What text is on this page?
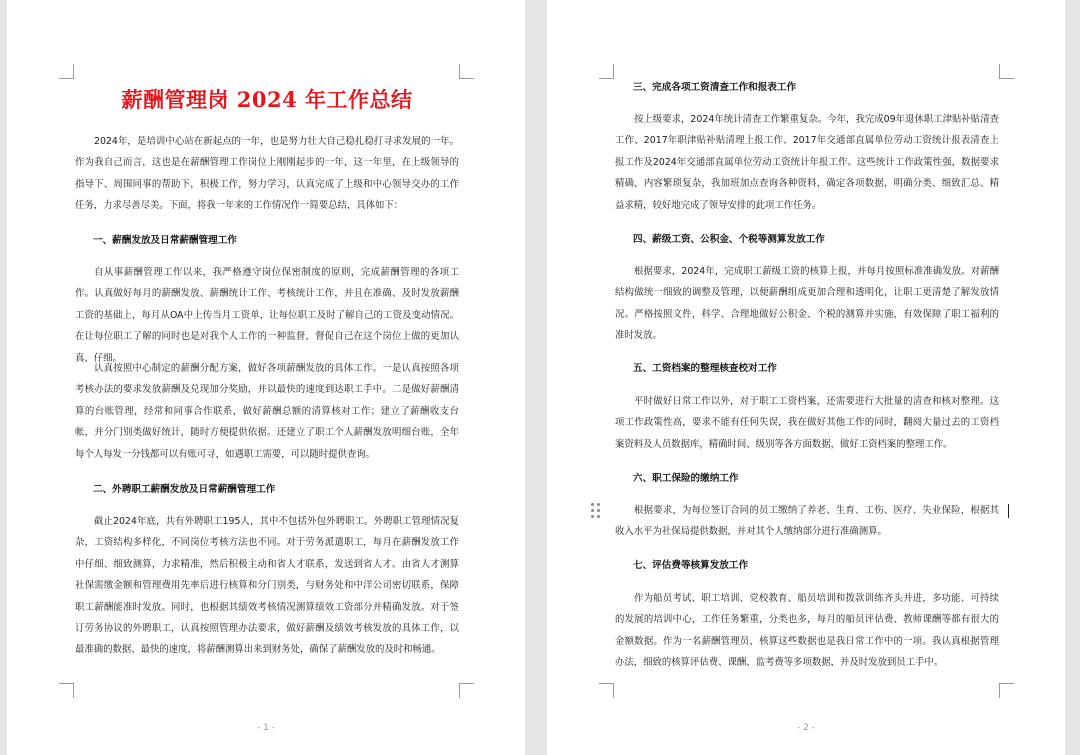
薪酬管理岗 2024 年工作总结
2024年，是培训中心站在新起点的一年，也是努力壮大自己稳扎稳打寻求发展的一年。作为我自己而言，这也是在薪酬管理工作岗位上刚刚起步的一年，这一年里，在上级领导的指导下、周围同事的帮助下，积极工作，努力学习，认真完成了上级和中心领导交办的工作任务，力求尽善尽美。下面，将我一年来的工作情况作一简要总结，具体如下：
一、薪酬发放及日常薪酬管理工作
自从事薪酬管理工作以来，我严格遵守岗位保密制度的原则，完成薪酬管理的各项工作。认真做好每月的薪酬发放、薪酬统计工作、考核统计工作，并且在准确、及时发放薪酬工资的基础上，每月从OA中上传当月工资单，让每位职工及时了解自己的工资及变动情况。在让每位职工了解的同时也是对我个人工作的一种监督，督促自己在这个岗位上做的更加认真、仔细。
认真按照中心制定的薪酬分配方案，做好各项薪酬发放的具体工作。一是认真按照各项考核办法的要求发放薪酬及兑现加分奖励，并以最快的速度到达职工手中。二是做好薪酬清算的台账管理，经常和同事合作联系，做好薪酬总额的清算核对工作；建立了薪酬收支台帐，并分门别类做好统计，随时方便提供依据。还建立了职工个人薪酬发放明细台账，全年每个人每发一分钱都可以有账可寻，如遇职工需要，可以随时提供查询。
二、外聘职工薪酬发放及日常薪酬管理工作
截止2024年底，共有外聘职工195人，其中不包括外包外聘职工。外聘职工管理情况复杂，工资结构多样化，不同岗位考核方法也不同。对于劳务派遣职工，每月在薪酬发放工作中仔细、细致测算，力求精准，然后积极主动和省人才联系，发送到省人才。由省人才测算社保需缴金额和管理费用先率后进行核算和分门别类，与财务处和中洋公司密切联系，保障职工薪酬能准时发放。同时，也根据其绩效考核情况测算绩效工资部分并精确发放。对于签订劳务协议的外聘职工，认真按照管理办法要求，做好薪酬及绩效考核发放的具体工作，以最准确的数据、最快的速度，将薪酬测算出来到财务处，确保了薪酬发放的及时和畅通。
- 1 -
三、完成各项工资清查工作和报表工作
按上级要求，2024年统计清查工作繁重复杂。今年，我完成09年退休职工津贴补贴清查工作、2017年职津贴补贴清理上报工作、2017年交通部直属单位劳动工资统计报表清查上报工作及2024年交通部直属单位劳动工资统计年报工作。这些统计工作政策性强，数据要求精确，内容繁琐复杂，我加班加点查询各种资料，确定各项数据，明确分类、细致汇总、精益求精，较好地完成了领导安排的此项工作任务。
四、薪级工资、公积金、个税等测算发放工作
根据要求，2024年，完成职工薪级工资的核算上报，并每月按照标准准确发放。对薪酬结构做统一细致的调整及管理，以便薪酬组成更加合理和透明化，让职工更清楚了解发放情况。严格按照文件，科学、合理地做好公积金、个税的测算并实施，有效保障了职工福利的准时发放。
五、工资档案的整理核查校对工作
平时做好日常工作以外，对于职工工资档案，还需要进行大批量的清查和核对整理。这项工作政策性高，要求不能有任何失误，我在做好其他工作的同时，翻阅大量过去的工资档案资料及人员数据库，精确时间、级别等各方面数据，做好工资档案的整理工作。
六、职工保险的缴纳工作
根据要求，为每位签订合同的员工缴纳了养老、生育、工伤、医疗、失业保险，根据其收入水平为社保局提供数据，并对其个人缴纳部分进行准确测算。
七、评估费等核算发放工作
作为船员考试、职工培训、党校教育、船员培训和拨款训练齐头并进，多功能、可持续的发展的培训中心，工作任务繁重，分类也多，每月的船员评估费、教师课酬等都有很大的金额数据。作为一名薪酬管理员，核算这些数据也是我日常工作中的一项。我认真根据管理办法，细致的核算评估费、课酬、监考费等多项数据，并及时发放到员工手中。
- 2 -
